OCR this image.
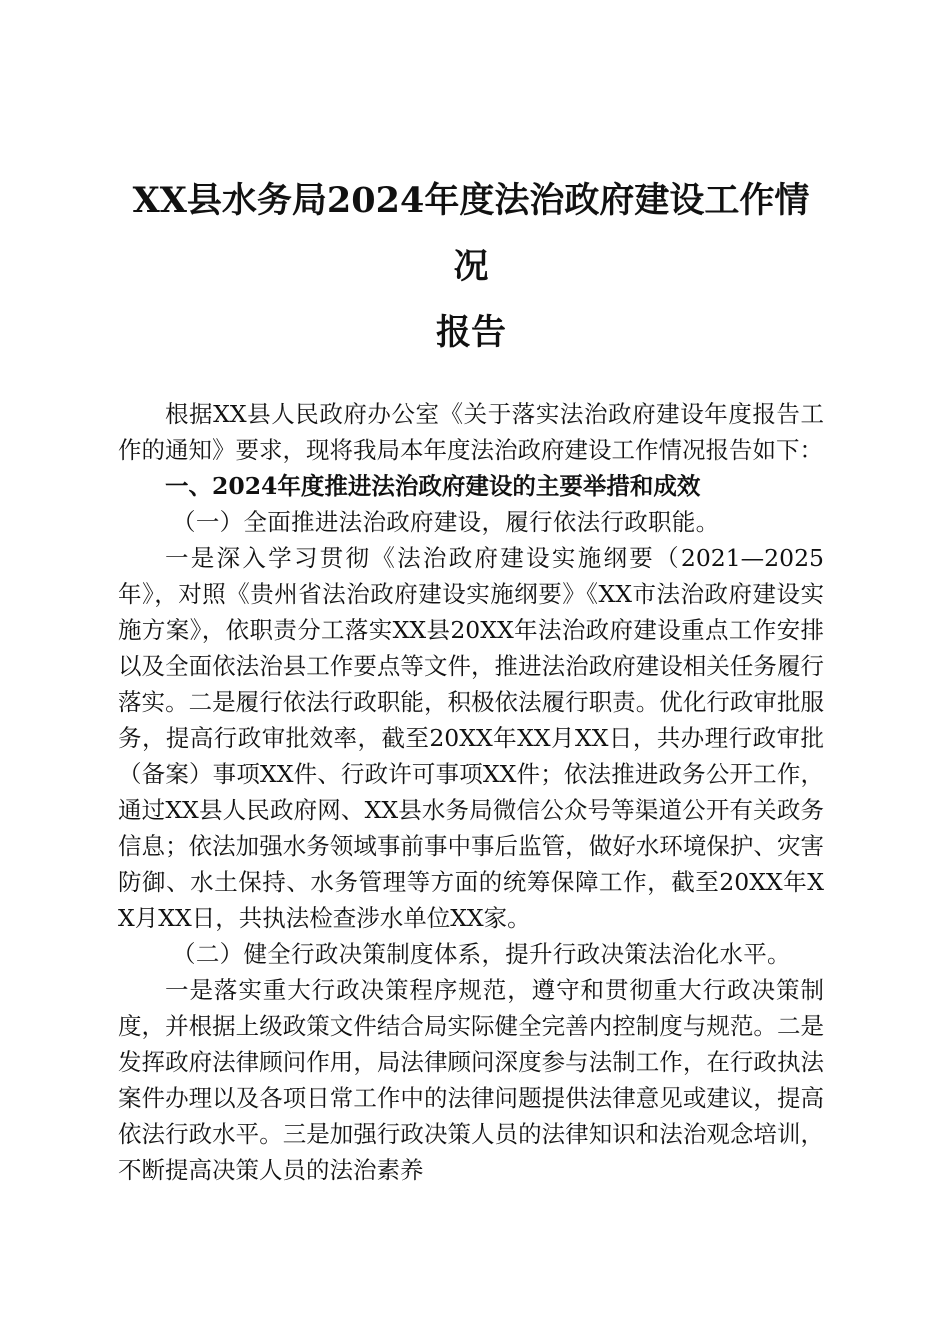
XX县水务局2024年度法治政府建设工作情况
报告

根据XX县人民政府办公室《关于落实法治政府建设年度报告工作的通知》要求，现将我局本年度法治政府建设工作情况报告如下：

一、2024年度推进法治政府建设的主要举措和成效

（一）全面推进法治政府建设，履行依法行政职能。

一是深入学习贯彻《法治政府建设实施纲要（2021—2025年》，对照《贵州省法治政府建设实施纲要》《XX市法治政府建设实施方案》，依职责分工落实XX县20XX年法治政府建设重点工作安排以及全面依法治县工作要点等文件，推进法治政府建设相关任务履行落实。二是履行依法行政职能，积极依法履行职责。优化行政审批服务，提高行政审批效率，截至20XX年XX月XX日，共办理行政审批（备案）事项XX件、行政许可事项XX件；依法推进政务公开工作，通过XX县人民政府网、XX县水务局微信公众号等渠道公开有关政务信息；依法加强水务领域事前事中事后监管，做好水环境保护、灾害防御、水土保持、水务管理等方面的统筹保障工作，截至20XX年XX月XX日，共执法检查涉水单位XX家。

（二）健全行政决策制度体系，提升行政决策法治化水平。

一是落实重大行政决策程序规范，遵守和贯彻重大行政决策制度，并根据上级政策文件结合局实际健全完善内控制度与规范。二是发挥政府法律顾问作用，局法律顾问深度参与法制工作，在行政执法案件办理以及各项日常工作中的法律问题提供法律意见或建议，提高依法行政水平。三是加强行政决策人员的法律知识和法治观念培训，不断提高决策人员的法治素养
